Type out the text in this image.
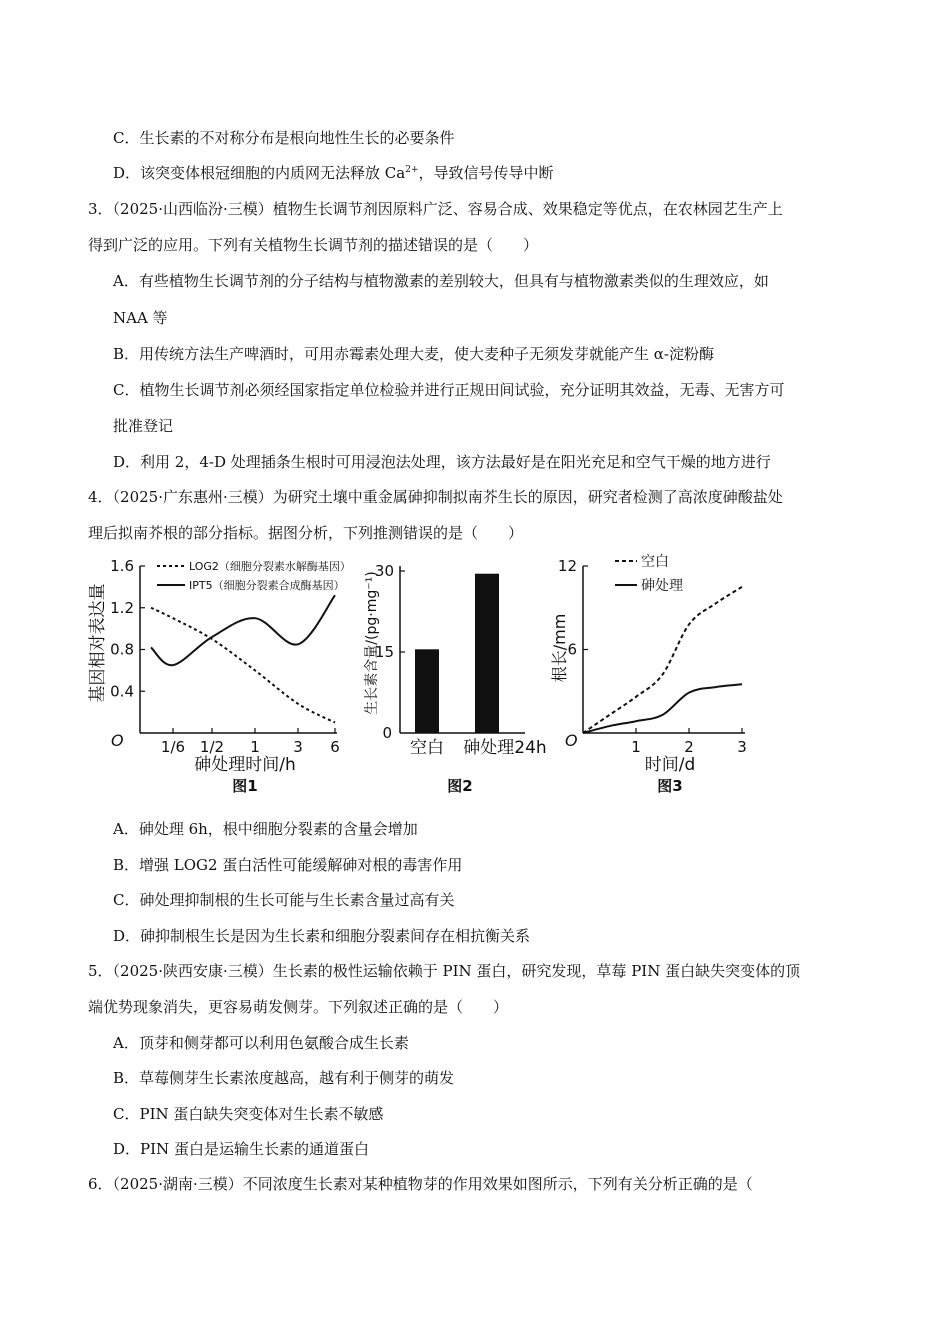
C．生长素的不对称分布是根向地性生长的必要条件
D．该突变体根冠细胞的内质网无法释放 $Ca^{2+}$，导致信号传导中断
3．（2025·山西临汾·三模）植物生长调节剂因原料广泛、容易合成、效果稳定等优点，在农林园艺生产上
得到广泛的应用。下列有关植物生长调节剂的描述错误的是（　　）
A．有些植物生长调节剂的分子结构与植物激素的差别较大，但具有与植物激素类似的生理效应，如
NAA 等
B．用传统方法生产啤酒时，可用赤霉素处理大麦，使大麦种子无须发芽就能产生 α-淀粉酶
C．植物生长调节剂必须经国家指定单位检验并进行正规田间试验，充分证明其效益，无毒、无害方可
批准登记
D．利用 2，4-D 处理插条生根时可用浸泡法处理，该方法最好是在阳光充足和空气干燥的地方进行
4．（2025·广东惠州·三模）为研究土壤中重金属砷抑制拟南芥生长的原因，研究者检测了高浓度砷酸盐处
理后拟南芥根的部分指标。据图分析，下列推测错误的是（　　）
LOG2（细胞分裂素水解酶基因）
IPT5（细胞分裂素合成酶基因）
0.4
0.8
1.2
1.6
1/6 1/2 1 3 6
O
砷处理时间/h
基因相对表达量
图1
0
15
30
空白 砷处理24h
生长素含量/(pg·mg⁻¹)
图2
空白
砷处理
6
12
1	2	3
O
时间/d
根长/mm
图3
A．砷处理 6h，根中细胞分裂素的含量会增加
B．增强 LOG2 蛋白活性可能缓解砷对根的毒害作用
C．砷处理抑制根的生长可能与生长素含量过高有关
D．砷抑制根生长是因为生长素和细胞分裂素间存在相抗衡关系
5．（2025·陕西安康·三模）生长素的极性运输依赖于 PIN 蛋白，研究发现，草莓 PIN 蛋白缺失突变体的顶
端优势现象消失，更容易萌发侧芽。下列叙述正确的是（　　）
A．顶芽和侧芽都可以利用色氨酸合成生长素
B．草莓侧芽生长素浓度越高，越有利于侧芽的萌发
C．PIN 蛋白缺失突变体对生长素不敏感
D．PIN 蛋白是运输生长素的通道蛋白
6．（2025·湖南·三模）不同浓度生长素对某种植物芽的作用效果如图所示，下列有关分析正确的是（
